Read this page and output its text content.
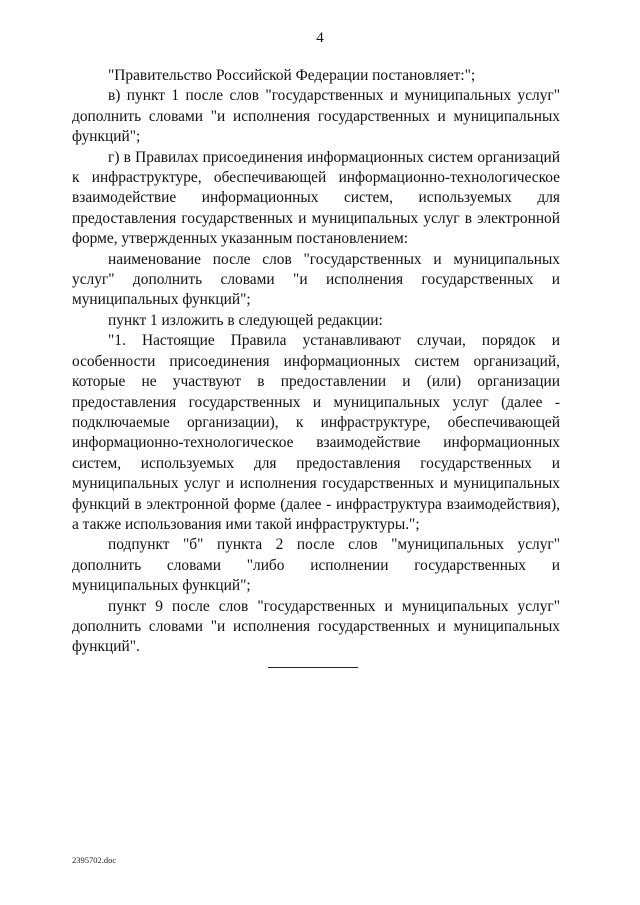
4

"Правительство Российской Федерации постановляет:";

в) пункт 1 после слов "государственных и муниципальных услуг" дополнить словами "и исполнения государственных и муниципальных функций";

г) в Правилах присоединения информационных систем организаций к инфраструктуре, обеспечивающей информационно-технологическое взаимодействие информационных систем, используемых для предоставления государственных и муниципальных услуг в электронной форме, утвержденных указанным постановлением:

наименование после слов "государственных и муниципальных услуг" дополнить словами "и исполнения государственных и муниципальных функций";

пункт 1 изложить в следующей редакции:

"1. Настоящие Правила устанавливают случаи, порядок и особенности присоединения информационных систем организаций, которые не участвуют в предоставлении и (или) организации предоставления государственных и муниципальных услуг (далее - подключаемые организации), к инфраструктуре, обеспечивающей информационно-технологическое взаимодействие информационных систем, используемых для предоставления государственных и муниципальных услуг и исполнения государственных и муниципальных функций в электронной форме (далее - инфраструктура взаимодействия), а также использования ими такой инфраструктуры.";

подпункт "б" пункта 2 после слов "муниципальных услуг" дополнить словами "либо исполнении государственных и муниципальных функций";

пункт 9 после слов "государственных и муниципальных услуг" дополнить словами "и исполнения государственных и муниципальных функций".

2395702.doc
